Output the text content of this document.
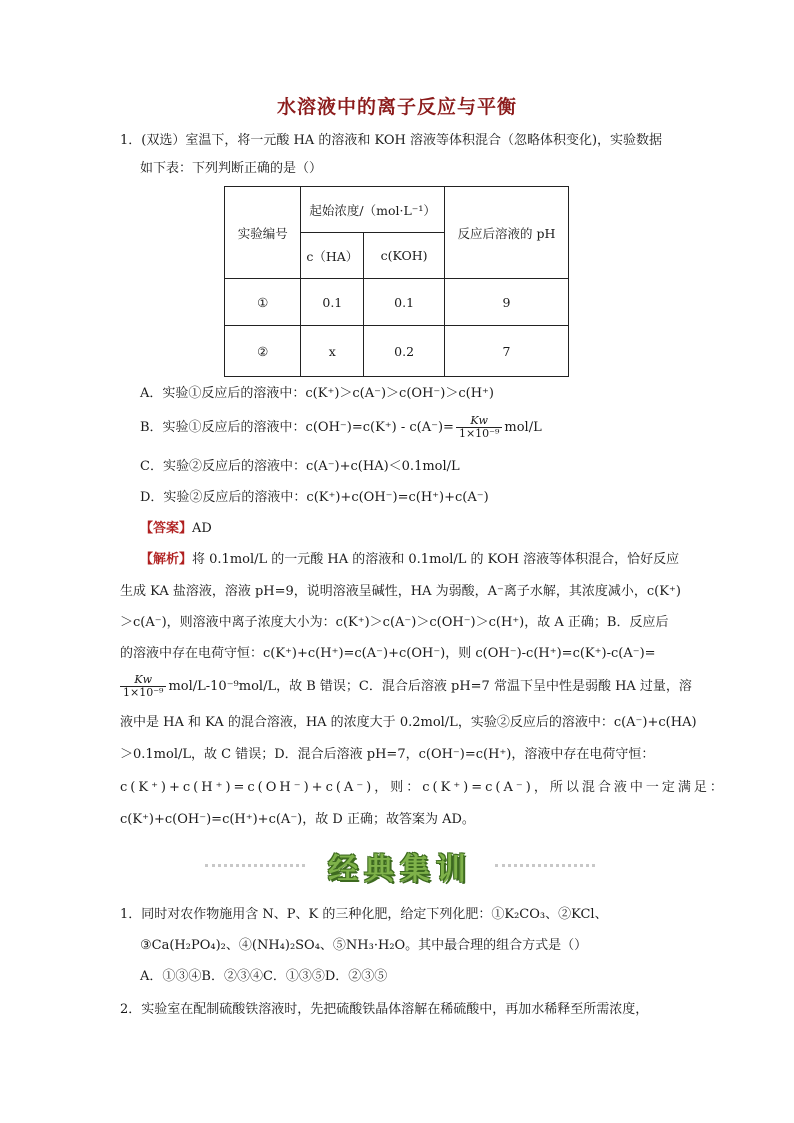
水溶液中的离子反应与平衡
1．(双选）室温下，将一元酸 HA 的溶液和 KOH 溶液等体积混合（忽略体积变化)，实验数据
如下表：下列判断正确的是（）
实验编号	起始浓度/（mol·L⁻¹）		反应后溶液的 pH
	c（HA）	c(KOH)	
①	0.1	0.1	9
②	x	0.2	7
A．实验①反应后的溶液中：c(K⁺)＞c(A⁻)＞c(OH⁻)＞c(H⁺)
B．实验①反应后的溶液中：$c(OH^-)=c(K^+) - c(A^-)= \frac{Kw}{\text{1×10⁻⁹}} mol/L$
C．实验②反应后的溶液中：c(A⁻)+c(HA)＜0.1mol/L
D．实验②反应后的溶液中：c(K⁺)+c(OH⁻)=c(H⁺)+c(A⁻)
【答案】AD
【解析】将 0.1mol/L 的一元酸 HA 的溶液和 0.1mol/L 的 KOH 溶液等体积混合，恰好反应
生成 KA 盐溶液，溶液 pH=9，说明溶液呈碱性，HA 为弱酸，A⁻离子水解，其浓度减小，c(K⁺)
＞c(A⁻)，则溶液中离子浓度大小为：c(K⁺)＞c(A⁻)＞c(OH⁻)＞c(H⁺)，故 A 正确；B．反应后
的溶液中存在电荷守恒：c(K⁺)+c(H⁺)=c(A⁻)+c(OH⁻)，则 c(OH⁻)-c(H⁺)=c(K⁺)-c(A⁻)=
$\frac{Kw}{\text{1×10⁻⁹}} mol/L-10^{-9}mol/L$，故 B 错误；C．混合后溶液 pH=7 常温下呈中性是弱酸 HA 过量，溶
液中是 HA 和 KA 的混合溶液，HA 的浓度大于 0.2mol/L，实验②反应后的溶液中：c(A⁻)+c(HA)
＞0.1mol/L，故 C 错误；D．混合后溶液 pH=7，c(OH⁻)=c(H⁺)，溶液中存在电荷守恒：
c(K⁺)+c(H⁺)=c(OH⁻)+c(A⁻)，则：c(K⁺)=c(A⁻)，所以混合液中一定满足：
c(K⁺)+c(OH⁻)=c(H⁺)+c(A⁻)，故 D 正确；故答案为 AD。
经典集训
1．同时对农作物施用含 N、P、K 的三种化肥，给定下列化肥：①K₂CO₃、②KCl、
③Ca(H₂PO₄)₂、④(NH₄)₂SO₄、⑤NH₃·H₂O。其中最合理的组合方式是（）
A．①③④B．②③④C．①③⑤D．②③⑤
2．实验室在配制硫酸铁溶液时，先把硫酸铁晶体溶解在稀硫酸中，再加水稀释至所需浓度，
